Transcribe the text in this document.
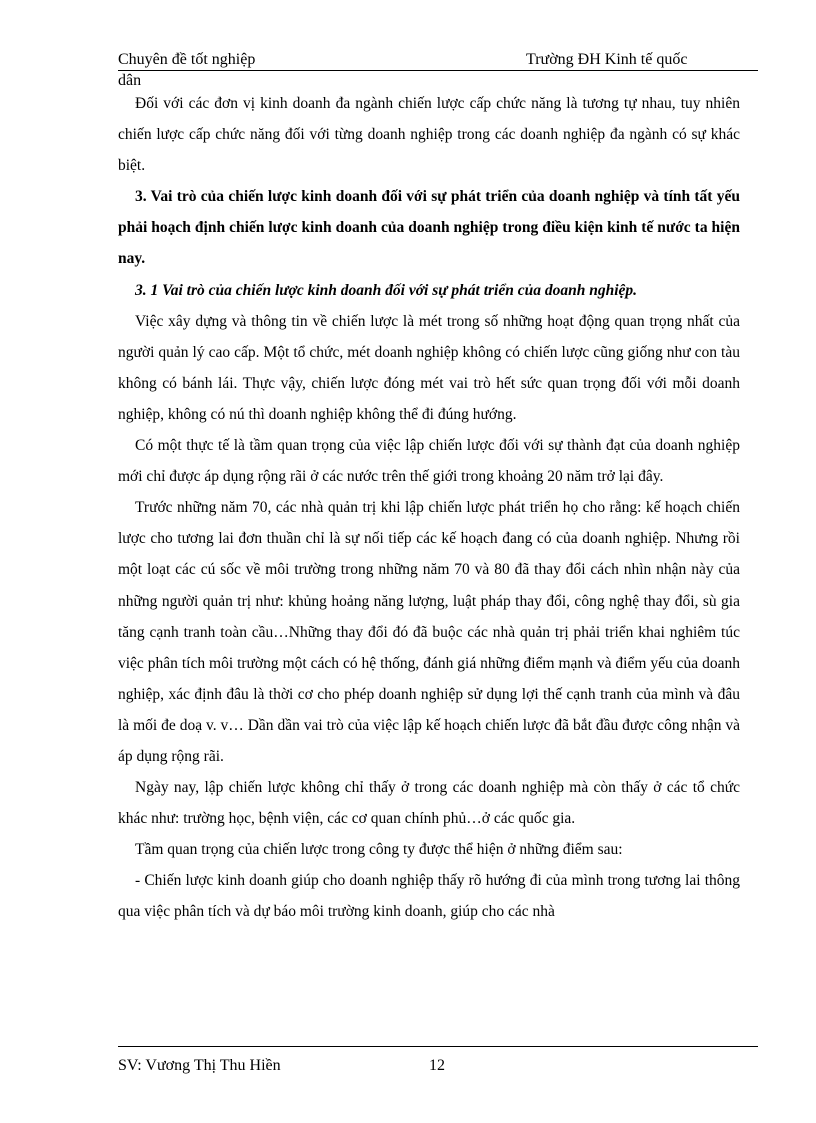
Chuyên đề tốt nghiệp	Trường ĐH Kinh tế quốc
dân

Đối với các đơn vị kinh doanh đa ngành chiến lược cấp chức năng là tương tự nhau, tuy nhiên chiến lược cấp chức năng đối với từng doanh nghiệp trong các doanh nghiệp đa ngành có sự khác biệt.

3. Vai trò của chiến lược kinh doanh đối với sự phát triển của doanh nghiệp và tính tất yếu phải hoạch định chiến lược kinh doanh của doanh nghiệp trong điều kiện kinh tế nước ta hiện nay.

3. 1 Vai trò của chiến lược kinh doanh đối với sự phát triển của doanh nghiệp.

Việc xây dựng và thông tin về chiến lược là mét trong số những hoạt động quan trọng nhất của người quản lý cao cấp. Một tổ chức, mét doanh nghiệp không có chiến lược cũng giống như con tàu không có bánh lái. Thực vậy, chiến lược đóng mét vai trò hết sức quan trọng đối với mỗi doanh nghiệp, không có nú thì doanh nghiệp không thể đi đúng hướng.

Có một thực tế là tầm quan trọng của việc lập chiến lược đối với sự thành đạt của doanh nghiệp mới chỉ được áp dụng rộng rãi ở các nước trên thế giới trong khoảng 20 năm trở lại đây.

Trước những năm 70, các nhà quản trị khi lập chiến lược phát triển họ cho rằng: kế hoạch chiến lược cho tương lai đơn thuần chỉ là sự nối tiếp các kế hoạch đang có của doanh nghiệp. Nhưng rồi một loạt các cú sốc về môi trường trong những năm 70 và 80 đã thay đổi cách nhìn nhận này của những người quản trị như: khủng hoảng năng lượng, luật pháp thay đổi, công nghệ thay đổi, sù gia tăng cạnh tranh toàn cầu…Những thay đổi đó đã buộc các nhà quản trị phải triển khai nghiêm túc việc phân tích môi trường một cách có hệ thống, đánh giá những điểm mạnh và điểm yếu của doanh nghiệp, xác định đâu là thời cơ cho phép doanh nghiệp sử dụng lợi thế cạnh tranh của mình và đâu là mối đe doạ v. v… Dần dần vai trò của việc lập kế hoạch chiến lược đã bắt đầu được công nhận và áp dụng rộng rãi.

Ngày nay, lập chiến lược không chỉ thấy ở trong các doanh nghiệp mà còn thấy ở các tổ chức khác như: trường học, bệnh viện, các cơ quan chính phủ…ở các quốc gia.

Tầm quan trọng của chiến lược trong công ty được thể hiện ở những điểm sau:

- Chiến lược kinh doanh giúp cho doanh nghiệp thấy rõ hướng đi của mình trong tương lai thông qua việc phân tích và dự báo môi trường kinh doanh, giúp cho các nhà

SV: Vương Thị Thu Hiền	12
